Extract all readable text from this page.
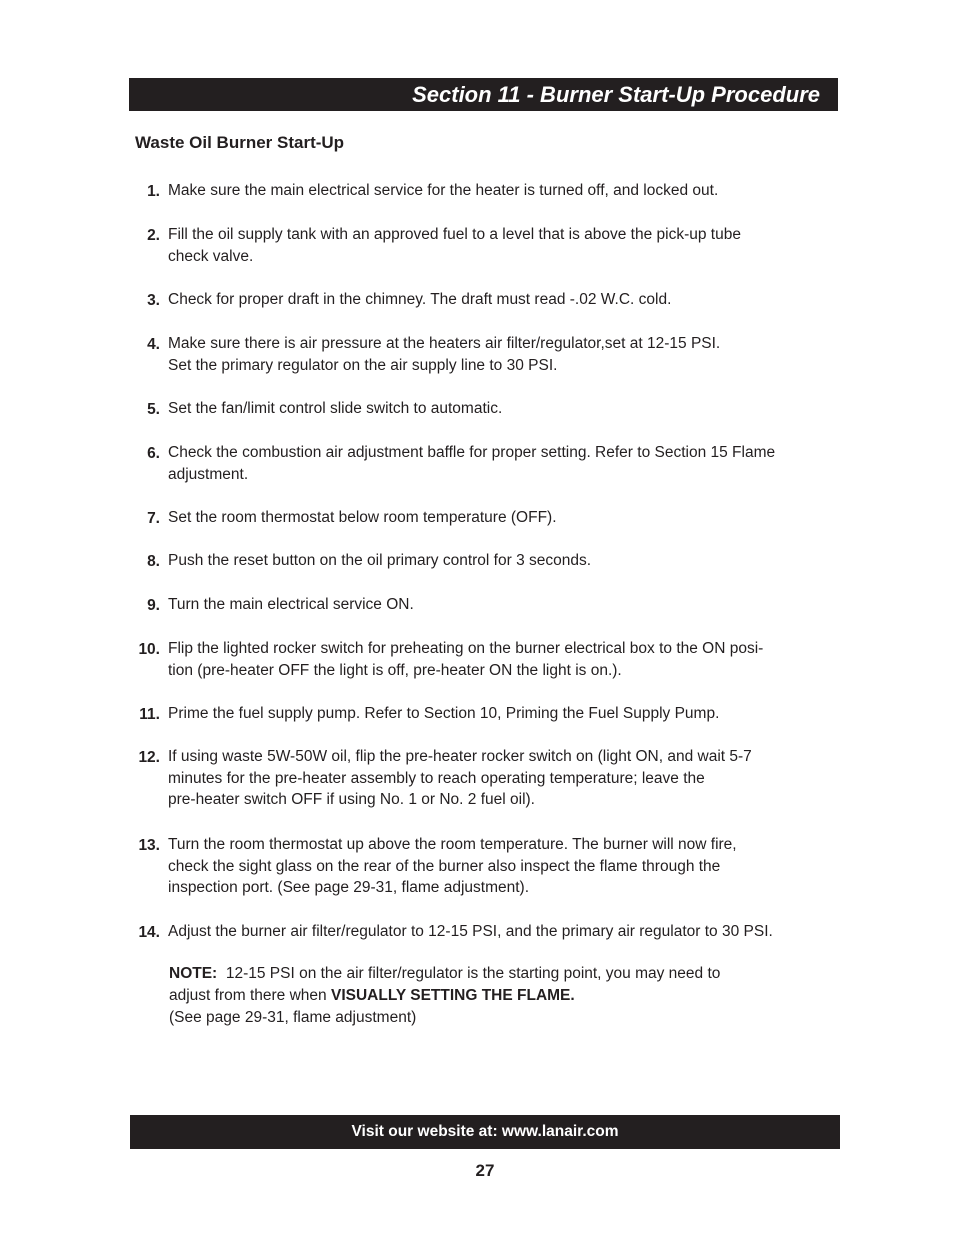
Section 11 - Burner Start-Up Procedure
Waste Oil Burner Start-Up
1. Make sure the main electrical service for the heater is turned off, and locked out.
2. Fill the oil supply tank with an approved fuel to a level that is above the pick-up tube
check valve.
3. Check for proper draft in the chimney. The draft must read -.02 W.C. cold.
4. Make sure there is air pressure at the heaters air filter/regulator,set at 12-15 PSI.
Set the primary regulator on the air supply line to 30 PSI.
5. Set the fan/limit control slide switch to automatic.
6. Check the combustion air adjustment baffle for proper setting. Refer to Section 15 Flame
adjustment.
7. Set the room thermostat below room temperature (OFF).
8. Push the reset button on the oil primary control for 3 seconds.
9. Turn the main electrical service ON.
10. Flip the lighted rocker switch for preheating on the burner electrical box to the ON posi-
tion (pre-heater OFF the light is off, pre-heater ON the light is on.).
11. Prime the fuel supply pump. Refer to Section 10, Priming the Fuel Supply Pump.
12. If using waste 5W-50W oil, flip the pre-heater rocker switch on (light ON, and wait 5-7
minutes for the pre-heater assembly to reach operating temperature; leave the
pre-heater switch OFF if using No. 1 or No. 2 fuel oil).
13. Turn the room thermostat up above the room temperature. The burner will now fire,
check the sight glass on the rear of the burner also inspect the flame through the
inspection port. (See page 29-31, flame adjustment).
14. Adjust the burner air filter/regulator to 12-15 PSI, and the primary air regulator to 30 PSI.
NOTE: 12-15 PSI on the air filter/regulator is the starting point, you may need to
adjust from there when VISUALLY SETTING THE FLAME.
(See page 29-31, flame adjustment)
Visit our website at: www.lanair.com
27
